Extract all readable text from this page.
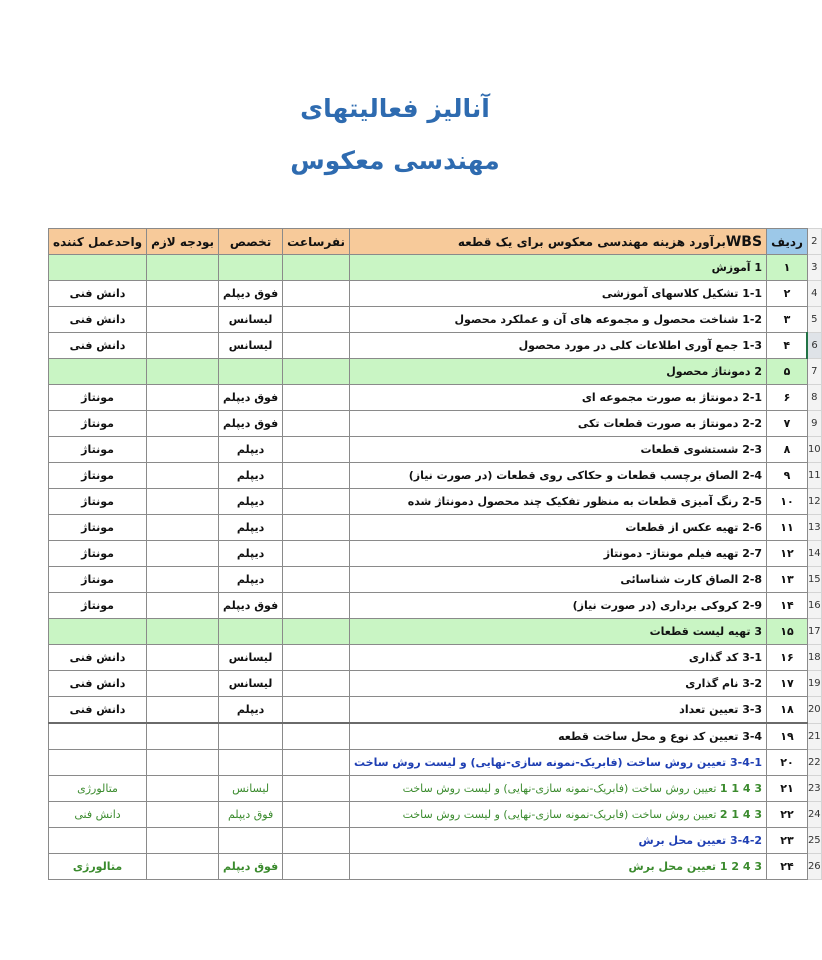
آنالیز فعالیتهای
مهندسی معکوس
واحدعمل کننده	بودجه لازم	تخصص	نفرساعت	WBSبرآورد هزینه مهندسی معکوس برای یک قطعه	ردیف	2
				1 آموزش	۱	3
دانش فنی		فوق دیپلم		1-1 تشکیل کلاسهای آموزشی	۲	4
دانش فنی		لیسانس		1-2 شناخت محصول و مجموعه های آن و عملکرد محصول	۳	5
دانش فنی		لیسانس		1-3 جمع آوری اطلاعات کلی در مورد محصول	۴	6
				2 دمونتاژ محصول	۵	7
مونتاژ		فوق دیپلم		2-1 دمونتاژ به صورت مجموعه ای	۶	8
مونتاژ		فوق دیپلم		2-2 دمونتاژ به صورت قطعات تکی	۷	9
مونتاژ		دیپلم		2-3 شستشوی قطعات	۸	10
مونتاژ		دیپلم		2-4 الصاق برچسب قطعات و حکاکی روی قطعات (در صورت نیاز)	۹	11
مونتاژ		دیپلم		2-5 رنگ آمیزی قطعات به منظور تفکیک چند محصول دمونتاژ شده	۱۰	12
مونتاژ		دیپلم		2-6 تهیه عکس از قطعات	۱۱	13
مونتاژ		دیپلم		2-7 تهیه فیلم مونتاژ- دمونتاژ	۱۲	14
مونتاژ		دیپلم		2-8 الصاق کارت شناسائی	۱۳	15
مونتاژ		فوق دیپلم		2-9 کروکی برداری (در صورت نیاز)	۱۴	16
				3 تهیه لیست قطعات	۱۵	17
دانش فنی		لیسانس		3-1 کد گذاری	۱۶	18
دانش فنی		لیسانس		3-2 نام گذاری	۱۷	19
دانش فنی		دیپلم		3-3 تعیین تعداد	۱۸	20
				3-4 تعیین کد نوع و محل ساخت قطعه	۱۹	21
				3-4-1 تعیین روش ساخت (فابریک-نمونه سازی-نهایی) و لیست روش ساخت	۲۰	22
متالورژی		لیسانس		3 4 1 1 تعیین روش ساخت (فابریک-نمونه سازی-نهایی) و لیست روش ساخت	۲۱	23
دانش فنی		فوق دیپلم		3 4 1 2 تعیین روش ساخت (فابریک-نمونه سازی-نهایی) و لیست روش ساخت	۲۲	24
				3-4-2 تعیین محل برش	۲۳	25
متالورژی		فوق دیپلم		3 4 2 1 تعیین محل برش	۲۴	26
